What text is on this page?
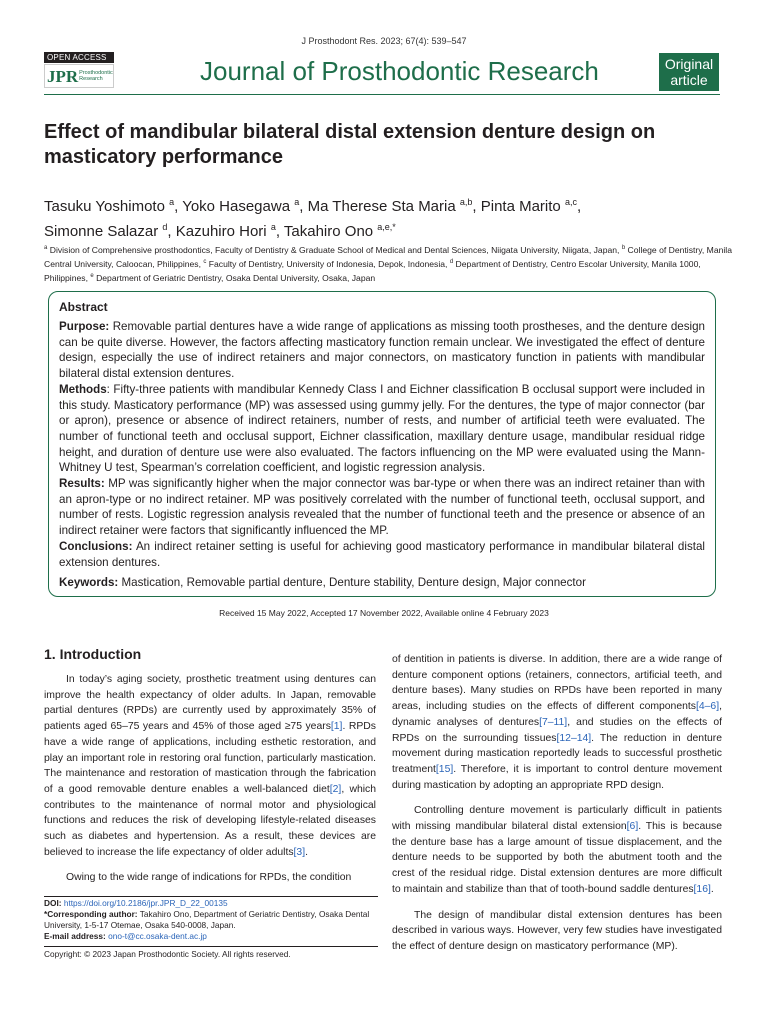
J Prosthodont Res. 2023; 67(4): 539–547
OPEN ACCESS
JPR Prosthodontic
Research	Journal of Prosthodontic Research	Original
article
Effect of mandibular bilateral distal extension denture design on masticatory performance
Tasuku Yoshimoto $^a$, Yoko Hasegawa $^a$, Ma Therese Sta Maria $^{a,b}$, Pinta Marito $^{a,c}$,
Simonne Salazar $^d$, Kazuhiro Hori $^a$, Takahiro Ono $^{a,e,*}$
$^a$ Division of Comprehensive prosthodontics, Faculty of Dentistry & Graduate School of Medical and Dental Sciences, Niigata University, Niigata, Japan, $^b$ College of Dentistry, Manila Central University, Caloocan, Philippines, $^c$ Faculty of Dentistry, University of Indonesia, Depok, Indonesia, $^d$ Department of Dentistry, Centro Escolar University, Manila 1000, Philippines, $^e$ Department of Geriatric Dentistry, Osaka Dental University, Osaka, Japan
Abstract

Purpose: Removable partial dentures have a wide range of applications as missing tooth prostheses, and the denture design can be quite diverse. However, the factors affecting masticatory function remain unclear. We investigated the effect of denture design, especially the use of indirect retainers and major connectors, on masticatory function in patients with mandibular bilateral distal extension dentures.

Methods: Fifty-three patients with mandibular Kennedy Class I and Eichner classification B occlusal support were included in this study. Masticatory performance (MP) was assessed using gummy jelly. For the dentures, the type of major connector (bar or apron), presence or absence of indirect retainers, number of rests, and number of artificial teeth were evaluated. The number of functional teeth and occlusal support, Eichner classification, maxillary denture usage, mandibular residual ridge height, and duration of denture use were also evaluated. The factors influencing on the MP were evaluated using the Mann-Whitney U test, Spearman’s correlation coefficient, and logistic regression analysis.

Results: MP was significantly higher when the major connector was bar-type or when there was an indirect retainer than with an apron-type or no indirect retainer. MP was positively correlated with the number of functional teeth, occlusal support, and number of rests. Logistic regression analysis revealed that the number of functional teeth and the presence or absence of an indirect retainer were factors that significantly influenced the MP.

Conclusions: An indirect retainer setting is useful for achieving good masticatory performance in mandibular bilateral distal extension dentures.

Keywords: Mastication, Removable partial denture, Denture stability, Denture design, Major connector

Received 15 May 2022, Accepted 17 November 2022, Available online 4 February 2023
1. Introduction

In today’s aging society, prosthetic treatment using dentures can improve the health expectancy of older adults. In Japan, removable partial dentures (RPDs) are currently used by approximately 35% of patients aged 65–75 years and 45% of those aged ≥75 years[1]. RPDs have a wide range of applications, including esthetic restoration, and play an important role in restoring oral function, particularly mastication. The maintenance and restoration of mastication through the fabrication of a good removable denture enables a well-balanced diet[2], which contributes to the maintenance of normal motor and physiological functions and reduces the risk of developing lifestyle-related diseases such as diabetes and hypertension. As a result, these devices are believed to increase the life expectancy of older adults[3].

Owing to the wide range of indications for RPDs, the condition

of dentition in patients is diverse. In addition, there are a wide range of denture component options (retainers, connectors, artificial teeth, and denture bases). Many studies on RPDs have been reported in many areas, including studies on the effects of different components[4–6], dynamic analyses of dentures[7–11], and studies on the effects of RPDs on the surrounding tissues[12–14]. The reduction in denture movement during mastication reportedly leads to successful prosthetic treatment[15]. Therefore, it is important to control denture movement during mastication by adopting an appropriate RPD design.

Controlling denture movement is particularly difficult in patients with missing mandibular bilateral distal extension[6]. This is because the denture base has a large amount of tissue displacement, and the denture needs to be supported by both the abutment tooth and the crest of the residual ridge. Distal extension dentures are more difficult to maintain and stabilize than that of tooth-bound saddle dentures[16].

The design of mandibular distal extension dentures has been described in various ways. However, very few studies have investigated the effect of denture design on masticatory performance (MP).

DOI: https://doi.org/10.2186/jpr.JPR_D_22_00135
*Corresponding author: Takahiro Ono, Department of Geriatric Dentistry, Osaka Dental University, 1-5-17 Otemae, Osaka 540-0008, Japan.
E-mail address: ono-t@cc.osaka-dent.ac.jp
Copyright: © 2023 Japan Prosthodontic Society. All rights reserved.
